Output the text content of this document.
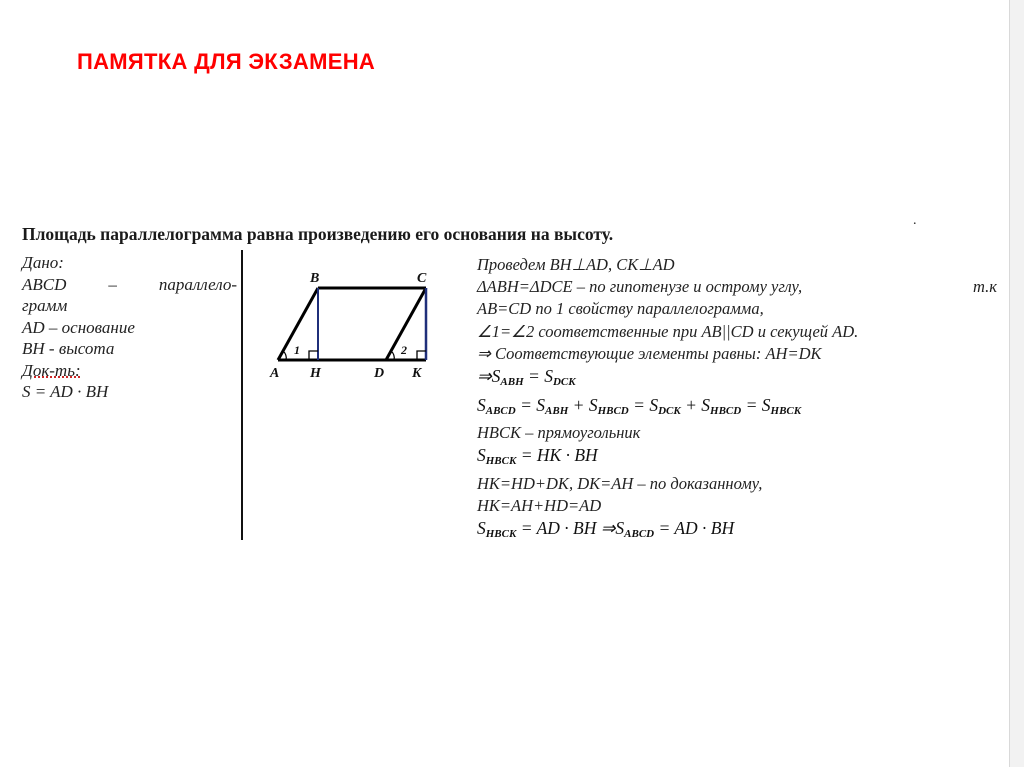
ПАМЯТКА ДЛЯ ЭКЗАМЕНА
Площадь параллелограмма равна произведению его основания на высоту.
.
Дано:
ABCD – параллело-
грамм
AD – основание
BH - высота
Док-ть:
S = AD · BH
B	C
A H	D K
1	2
Проведем BH⊥AD, CK⊥AD
ΔABH=ΔDCE – по гипотенузе и острому углу,	т.к
AB=CD по 1 свойству параллелограмма,
∠1=∠2 соответственные при AB||CD и секущей AD.
⇒ Соответствующие элементы равны: AH=DK
$\Rightarrow S_{ABH} = S_{DCK}$
$S_{ABCD} = S_{ABH} + S_{HBCD} = S_{DCK} + S_{HBCD} = S_{HBCK}$
HBCK – прямоугольник
$S_{HBCK}$ = HK · BH
HK=HD+DK, DK=AH – по доказанному,
HK=AH+HD=AD
$S_{HBCK}$ = AD · BH $\Rightarrow S_{ABCD}$ = AD · BH
